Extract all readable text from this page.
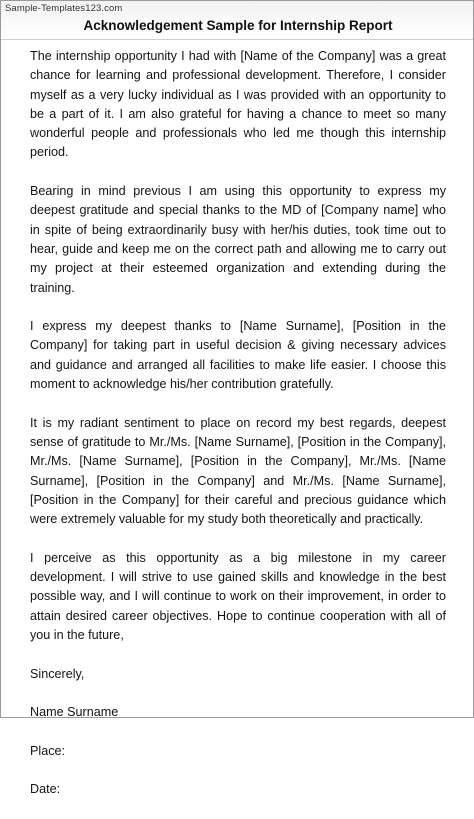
Sample-Templates123.com
Acknowledgement Sample for Internship Report

The internship opportunity I had with [Name of the Company] was a great chance for learning and professional development. Therefore, I consider myself as a very lucky individual as I was provided with an opportunity to be a part of it. I am also grateful for having a chance to meet so many wonderful people and professionals who led me though this internship period.

Bearing in mind previous I am using this opportunity to express my deepest gratitude and special thanks to the MD of [Company name] who in spite of being extraordinarily busy with her/his duties, took time out to hear, guide and keep me on the correct path and allowing me to carry out my project at their esteemed organization and extending during the training.

I express my deepest thanks to [Name Surname], [Position in the Company] for taking part in useful decision & giving necessary advices and guidance and arranged all facilities to make life easier. I choose this moment to acknowledge his/her contribution gratefully.

It is my radiant sentiment to place on record my best regards, deepest sense of gratitude to Mr./Ms. [Name Surname], [Position in the Company], Mr./Ms. [Name Surname], [Position in the Company], Mr./Ms. [Name Surname], [Position in the Company] and Mr./Ms. [Name Surname], [Position in the Company] for their careful and precious guidance which were extremely valuable for my study both theoretically and practically.

I perceive as this opportunity as a big milestone in my career development. I will strive to use gained skills and knowledge in the best possible way, and I will continue to work on their improvement, in order to attain desired career objectives. Hope to continue cooperation with all of you in the future,

Sincerely,
Name Surname
Place:
Date:
